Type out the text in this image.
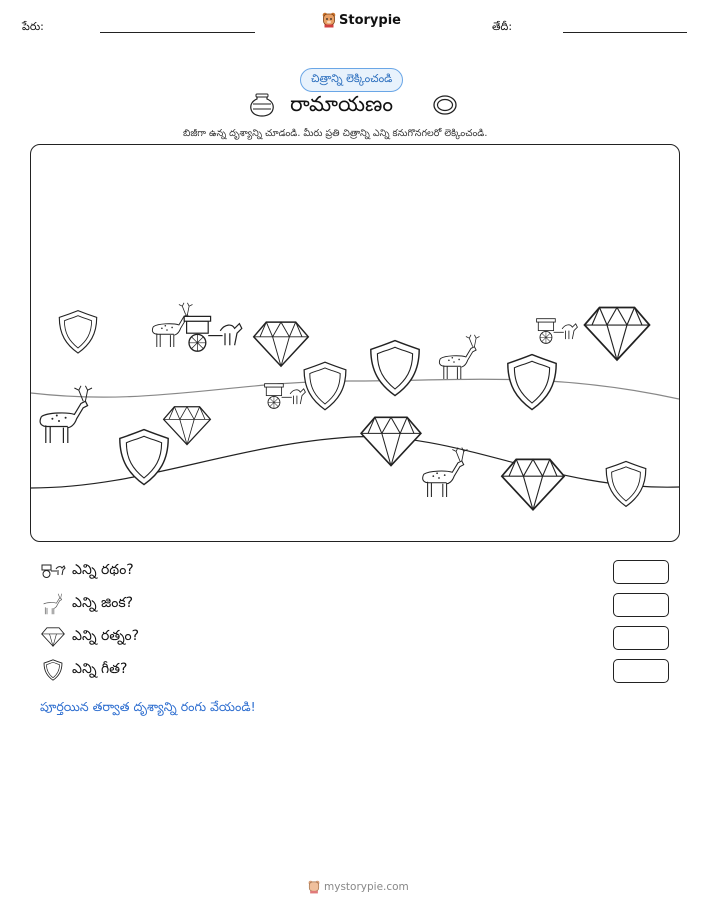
పేరు:	Storypie	తేదీ:
చిత్రాన్ని లెక్కించండి
రామాయణం
బిజీగా ఉన్న దృశ్యాన్ని చూడండి. మీరు ప్రతి చిత్రాన్ని ఎన్ని కనుగొనగలరో లెక్కించండి.
ఎన్ని రథం?
ఎన్ని జింక?
ఎన్ని రత్నం?
ఎన్ని గీత?
పూర్తయిన తర్వాత దృశ్యాన్ని రంగు వేయండి!
mystorypie.com
